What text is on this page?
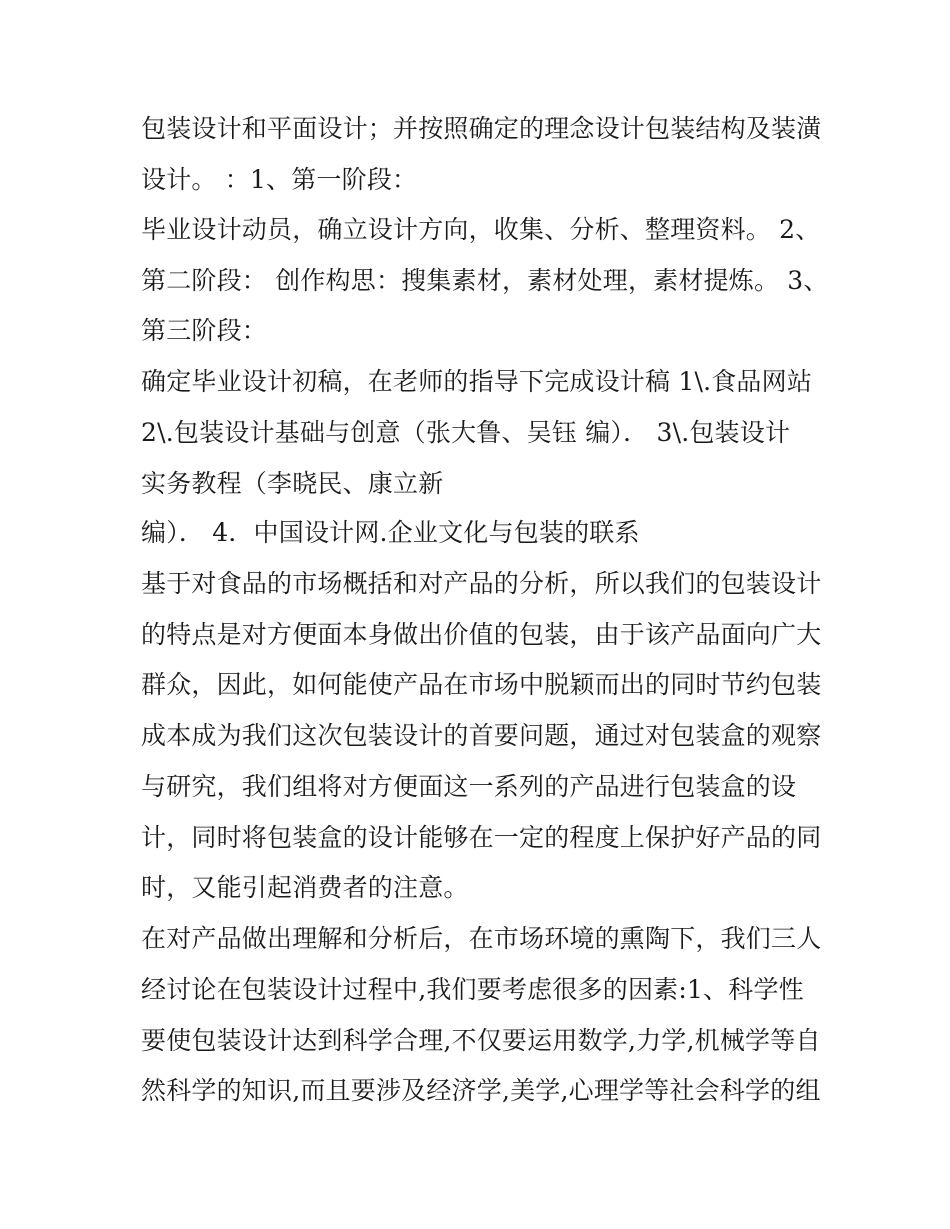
包装设计和平面设计；并按照确定的理念设计包装结构及装潢
设计。 ：1、第一阶段：
毕业设计动员，确立设计方向，收集、分析、整理资料。 2、
第二阶段： 创作构思：搜集素材，素材处理，素材提炼。 3、
第三阶段：
确定毕业设计初稿，在老师的指导下完成设计稿 1\.食品网站
2\.包装设计基础与创意（张大鲁、吴钰 编）． 3\.包装设计
实务教程（李晓民、康立新
编）． 4．中国设计网.企业文化与包装的联系
基于对食品的市场概括和对产品的分析，所以我们的包装设计
的特点是对方便面本身做出价值的包装，由于该产品面向广大
群众，因此，如何能使产品在市场中脱颖而出的同时节约包装
成本成为我们这次包装设计的首要问题，通过对包装盒的观察
与研究，我们组将对方便面这一系列的产品进行包装盒的设
计，同时将包装盒的设计能够在一定的程度上保护好产品的同
时，又能引起消费者的注意。
在对产品做出理解和分析后，在市场环境的熏陶下，我们三人
经讨论在包装设计过程中,我们要考虑很多的因素:1、科学性
要使包装设计达到科学合理,不仅要运用数学,力学,机械学等自
然科学的知识,而且要涉及经济学,美学,心理学等社会科学的组
